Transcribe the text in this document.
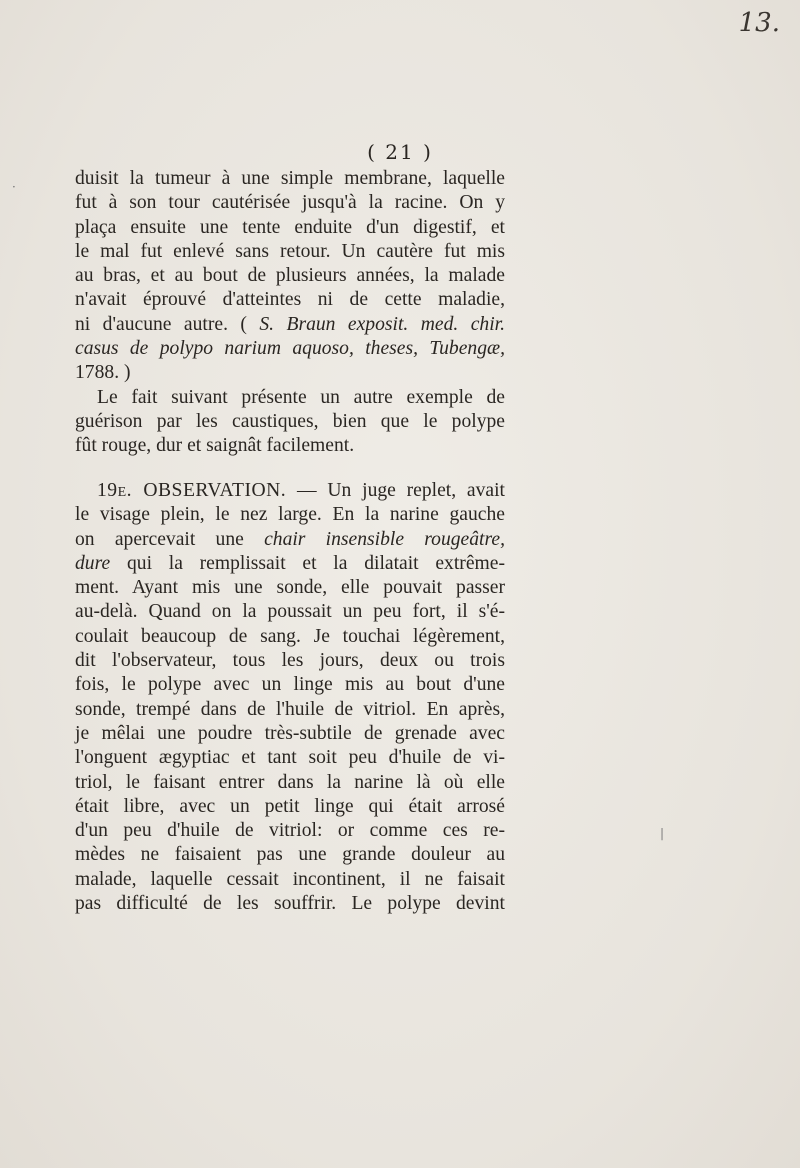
13.
( 21 )
duisit la tumeur à une simple membrane, laquelle
fut à son tour cautérisée jusqu'à la racine. On y
plaça ensuite une tente enduite d'un digestif, et
le mal fut enlevé sans retour. Un cautère fut mis
au bras, et au bout de plusieurs années, la malade
n'avait éprouvé d'atteintes ni de cette maladie,
ni d'aucune autre. ( S. Braun exposit. med. chir.
casus de polypo narium aquoso, theses, Tubengæ,
1788. )
Le fait suivant présente un autre exemple de
guérison par les caustiques, bien que le polype
fût rouge, dur et saignât facilement.
19e. OBSERVATION. — Un juge replet, avait
le visage plein, le nez large. En la narine gauche
on apercevait une chair insensible rougeâtre,
dure qui la remplissait et la dilatait extrême-
ment. Ayant mis une sonde, elle pouvait passer
au-delà. Quand on la poussait un peu fort, il s'é-
coulait beaucoup de sang. Je touchai légèrement,
dit l'observateur, tous les jours, deux ou trois
fois, le polype avec un linge mis au bout d'une
sonde, trempé dans de l'huile de vitriol. En après,
je mêlai une poudre très-subtile de grenade avec
l'onguent ægyptiac et tant soit peu d'huile de vi-
triol, le faisant entrer dans la narine là où elle
était libre, avec un petit linge qui était arrosé
d'un peu d'huile de vitriol: or comme ces re-
mèdes ne faisaient pas une grande douleur au
malade, laquelle cessait incontinent, il ne faisait
pas difficulté de les souffrir. Le polype devint
·
|
